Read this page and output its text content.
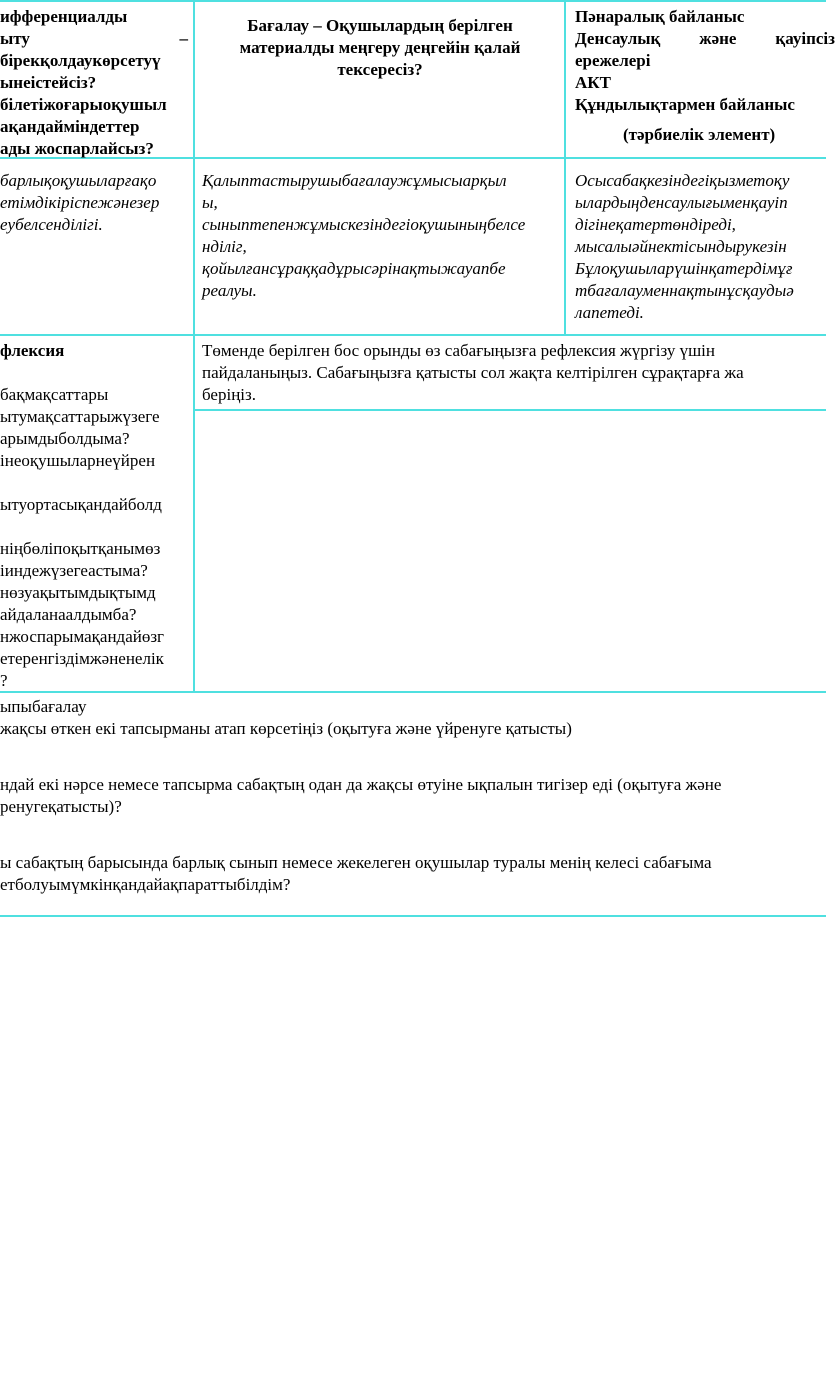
ифференциалды
ыту	–
бірекқолдаукөрсетуү
ынеістейсіз?
білетіжоғарыоқушыл
ақандайміндеттер
ады жоспарлайсыз?
Бағалау – Оқушылардың берілген
материалды меңгеру деңгейін қалай
тексересіз?
Пәнаралық байланыс
Денсаулық және қауіпсіз
ережелері
АКТ
Құндылықтармен байланыс
(тәрбиелік элемент)
барлықоқушыларғақо
етімдікіріспежәнезер
еубелсенділігі.
Қалыптастырушыбағалаужұмысыарқыл
ы,
сыныптепенжұмыскезіндегіоқушыныңбелсе
ндiлiг,
қойылғансұраққадұрысәрінақтыжауапбе
реалуы.
Осысабақкезіндегіқызметоқу
ылардыңденсаулығыменқауіп
дігінеқатертөндіреді,
мысалыәйнектісындырукезін
Бұлоқушыларүшінқатердімұғ
тбағалауменнақтынұсқаудыә
лапетеді.
флексия

бақмақсаттары
ытумақсаттарыжүзеге
арымдыболдыма?
інеоқушыларнеүйрен

ытуортасықандайболд

ніңбөліпоқытқанымөз
іиндежүзегеастыма?
нөзуақытымдықтымд
айдаланаалдымба?
нжоспарымақандайөзг
етеренгіздімжәненелік
?
Төменде берілген бос орынды өз сабағыңызға рефлексия жүргізу үшін
пайдаланыңыз. Сабағыңызға қатысты сол жақта келтірілген сұрақтарға жа
беріңіз.
ыпыбағалау
жақсы өткен екі тапсырманы атап көрсетіңіз (оқытуға және үйренуге қатысты)

ндай екі нәрсе немесе тапсырма сабақтың одан да жақсы өтуіне ықпалын тигізер еді (оқытуға және
ренугеқатысты)?

ы сабақтың барысында барлық сынып немесе жекелеген оқушылар туралы менің келесі сабағыма
етболуымүмкінқандайақпараттыбілдім?
